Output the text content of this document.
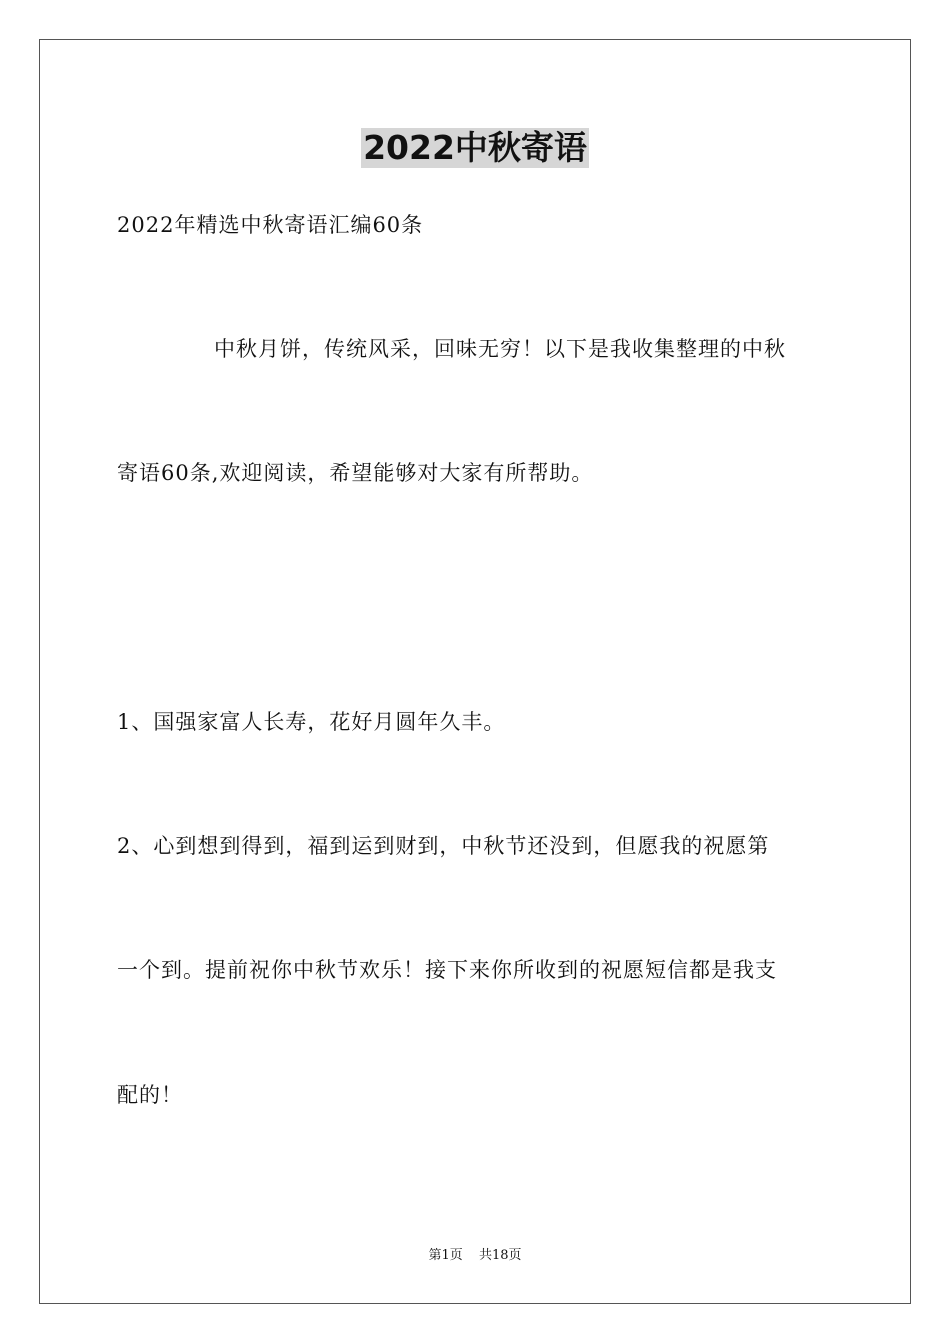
2022中秋寄语
2022年精选中秋寄语汇编60条
中秋月饼，传统风采，回味无穷！以下是我收集整理的中秋
寄语60条,欢迎阅读，希望能够对大家有所帮助。
1、国强家富人长寿，花好月圆年久丰。
2、心到想到得到，福到运到财到，中秋节还没到，但愿我的祝愿第
一个到。提前祝你中秋节欢乐！接下来你所收到的祝愿短信都是我支
配的！
第1页 共18页
